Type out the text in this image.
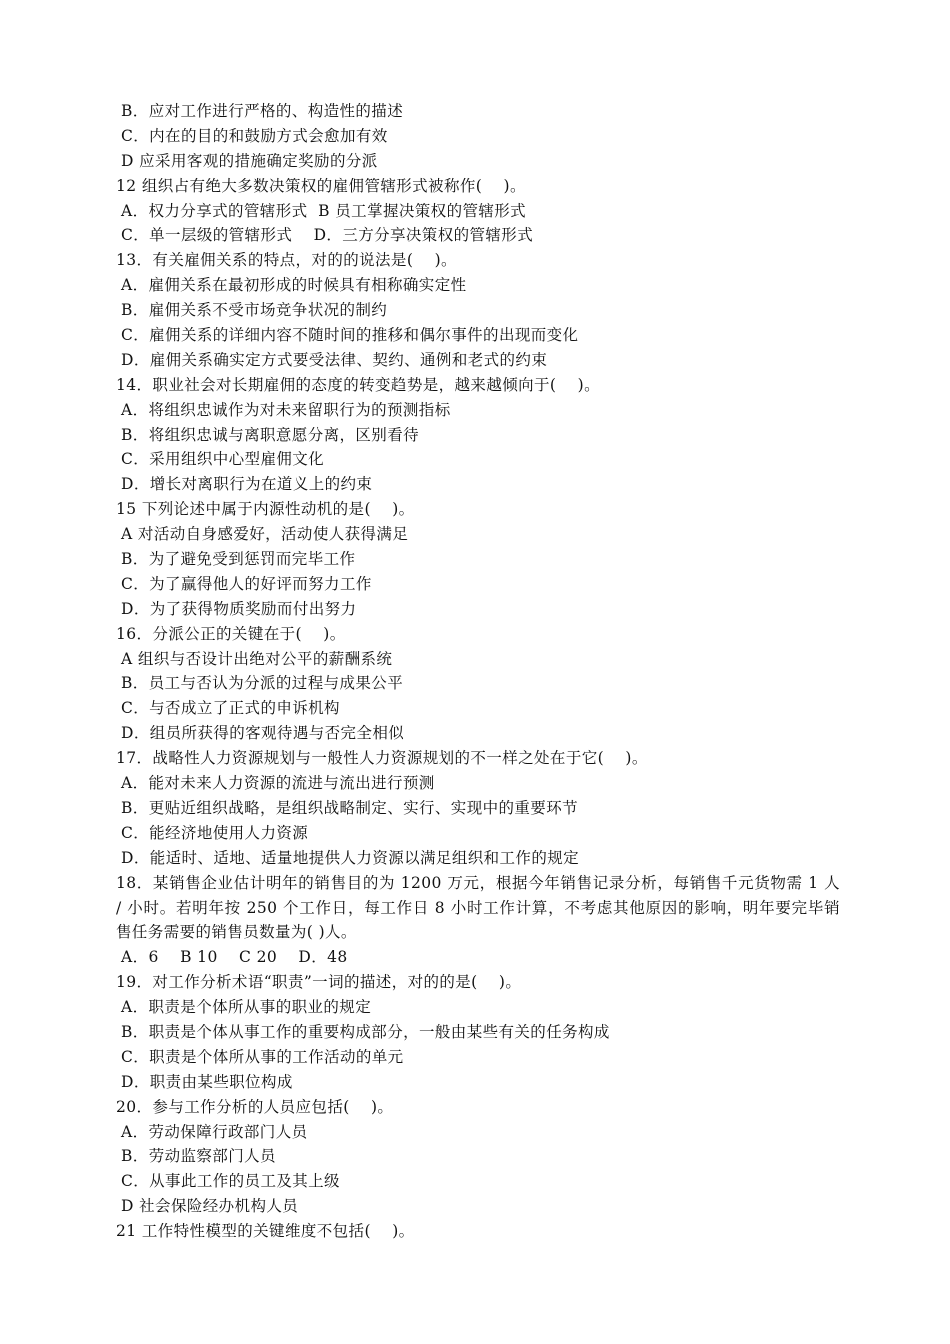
B．应对工作进行严格的、构造性的描述
C．内在的目的和鼓励方式会愈加有效
D 应采用客观的措施确定奖励的分派
12 组织占有绝大多数决策权的雇佣管辖形式被称作(    )。
A．权力分享式的管辖形式  B 员工掌握决策权的管辖形式
C．单一层级的管辖形式    D．三方分享决策权的管辖形式
13．有关雇佣关系的特点，对的的说法是(    )。
A．雇佣关系在最初形成的时候具有相称确实定性
B．雇佣关系不受市场竞争状况的制约
C．雇佣关系的详细内容不随时间的推移和偶尔事件的出现而变化
D．雇佣关系确实定方式要受法律、契约、通例和老式的约束
14．职业社会对长期雇佣的态度的转变趋势是，越来越倾向于(    )。
A．将组织忠诚作为对未来留职行为的预测指标
B．将组织忠诚与离职意愿分离，区别看待
C．采用组织中心型雇佣文化
D．增长对离职行为在道义上的约束
15 下列论述中属于内源性动机的是(    )。
A 对活动自身感爱好，活动使人获得满足
B．为了避免受到惩罚而完毕工作
C．为了赢得他人的好评而努力工作
D．为了获得物质奖励而付出努力
16．分派公正的关键在于(    )。
A 组织与否设计出绝对公平的薪酬系统
B．员工与否认为分派的过程与成果公平
C．与否成立了正式的申诉机构
D．组员所获得的客观待遇与否完全相似
17．战略性人力资源规划与一般性人力资源规划的不一样之处在于它(    )。
A．能对未来人力资源的流进与流出进行预测
B．更贴近组织战略，是组织战略制定、实行、实现中的重要环节
C．能经济地使用人力资源
D．能适时、适地、适量地提供人力资源以满足组织和工作的规定
18．某销售企业估计明年的销售目的为 1200 万元，根据今年销售记录分析，每销售千元货物需 1 人 / 小时。若明年按 250 个工作日，每工作日 8 小时工作计算，不考虑其他原因的影响，明年要完毕销售任务需要的销售员数量为( )人。
A．6    B 10    C 20    D．48
19．对工作分析术语“职责”一词的描述，对的的是(    )。
A．职责是个体所从事的职业的规定
B．职责是个体从事工作的重要构成部分，一般由某些有关的任务构成
C．职责是个体所从事的工作活动的单元
D．职责由某些职位构成
20．参与工作分析的人员应包括(    )。
A．劳动保障行政部门人员
B．劳动监察部门人员
C．从事此工作的员工及其上级
D 社会保险经办机构人员
21 工作特性模型的关键维度不包括(    )。
